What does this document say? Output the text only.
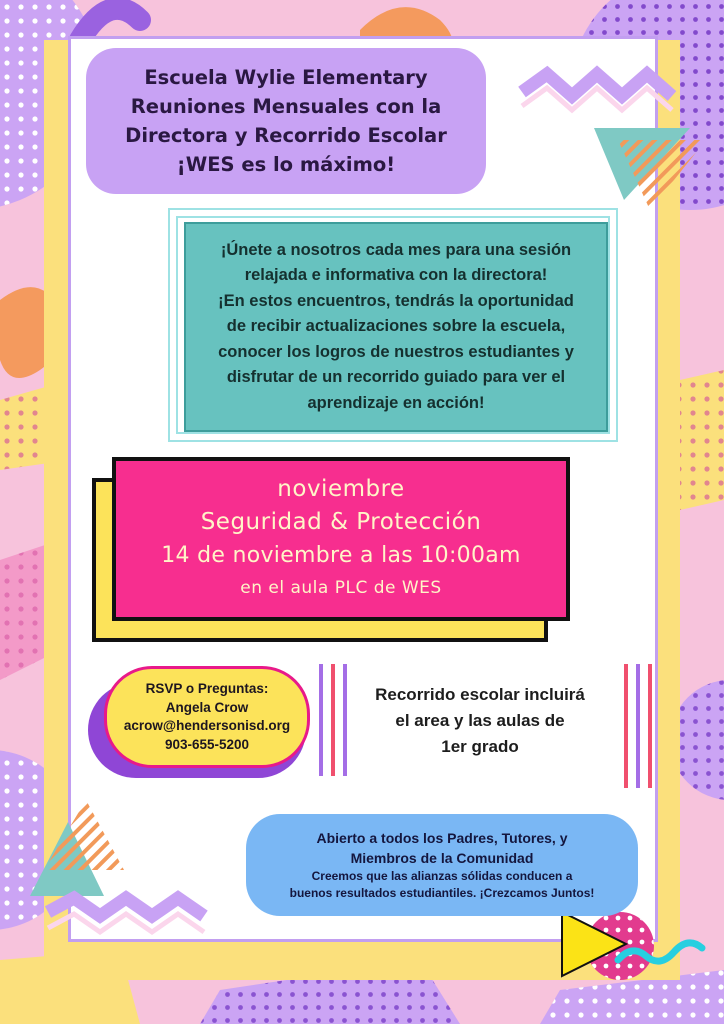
Escuela Wylie Elementary
Reuniones Mensuales con la
Directora y Recorrido Escolar
¡WES es lo máximo!
¡Únete a nosotros cada mes para una sesión
relajada e informativa con la directora!
¡En estos encuentros, tendrás la oportunidad
de recibir actualizaciones sobre la escuela,
conocer los logros de nuestros estudiantes y
disfrutar de un recorrido guiado para ver el
aprendizaje en acción!
noviembre
Seguridad & Protección
14 de noviembre a las 10:00am
en el aula PLC de WES
RSVP o Preguntas:
Angela Crow
acrow@hendersonisd.org
903-655-5200
Recorrido escolar incluirá
el area y las aulas de
1er grado
Abierto a todos los Padres, Tutores, y
Miembros de la Comunidad
Creemos que las alianzas sólidas conducen a
buenos resultados estudiantiles. ¡Crezcamos Juntos!
